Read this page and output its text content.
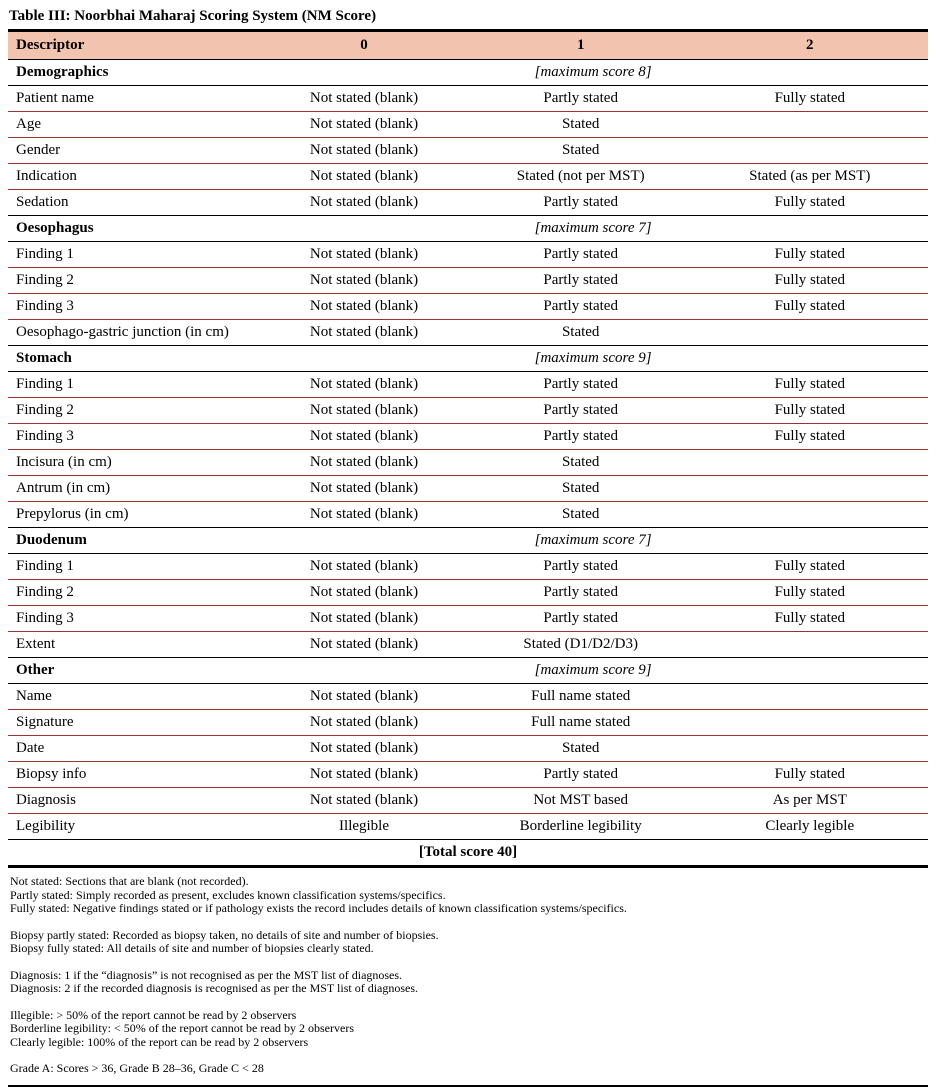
Table III: Noorbhai Maharaj Scoring System (NM Score)
Descriptor	0	1	2
Demographics	[maximum score 8]		
Patient name	Not stated (blank)	Partly stated	Fully stated
Age	Not stated (blank)	Stated	
Gender	Not stated (blank)	Stated	
Indication	Not stated (blank)	Stated (not per MST)	Stated (as per MST)
Sedation	Not stated (blank)	Partly stated	Fully stated
Oesophagus	[maximum score 7]		
Finding 1	Not stated (blank)	Partly stated	Fully stated
Finding 2	Not stated (blank)	Partly stated	Fully stated
Finding 3	Not stated (blank)	Partly stated	Fully stated
Oesophago-gastric junction (in cm)	Not stated (blank)	Stated	
Stomach	[maximum score 9]		
Finding 1	Not stated (blank)	Partly stated	Fully stated
Finding 2	Not stated (blank)	Partly stated	Fully stated
Finding 3	Not stated (blank)	Partly stated	Fully stated
Incisura (in cm)	Not stated (blank)	Stated	
Antrum (in cm)	Not stated (blank)	Stated	
Prepylorus (in cm)	Not stated (blank)	Stated	
Duodenum	[maximum score 7]		
Finding 1	Not stated (blank)	Partly stated	Fully stated
Finding 2	Not stated (blank)	Partly stated	Fully stated
Finding 3	Not stated (blank)	Partly stated	Fully stated
Extent	Not stated (blank)	Stated (D1/D2/D3)	
Other	[maximum score 9]		
Name	Not stated (blank)	Full name stated	
Signature	Not stated (blank)	Full name stated	
Date	Not stated (blank)	Stated	
Biopsy info	Not stated (blank)	Partly stated	Fully stated
Diagnosis	Not stated (blank)	Not MST based	As per MST
Legibility	Illegible	Borderline legibility	Clearly legible
[Total score 40]			
Not stated: Sections that are blank (not recorded).
Partly stated: Simply recorded as present, excludes known classification systems/specifics.
Fully stated: Negative findings stated or if pathology exists the record includes details of known classification systems/specifics.
Biopsy partly stated: Recorded as biopsy taken, no details of site and number of biopsies.
Biopsy fully stated: All details of site and number of biopsies clearly stated.
Diagnosis: 1 if the “diagnosis” is not recognised as per the MST list of diagnoses.
Diagnosis: 2 if the recorded diagnosis is recognised as per the MST list of diagnoses.
Illegible: > 50% of the report cannot be read by 2 observers
Borderline legibility: < 50% of the report cannot be read by 2 observers
Clearly legible: 100% of the report can be read by 2 observers
Grade A: Scores > 36, Grade B 28–36, Grade C < 28
